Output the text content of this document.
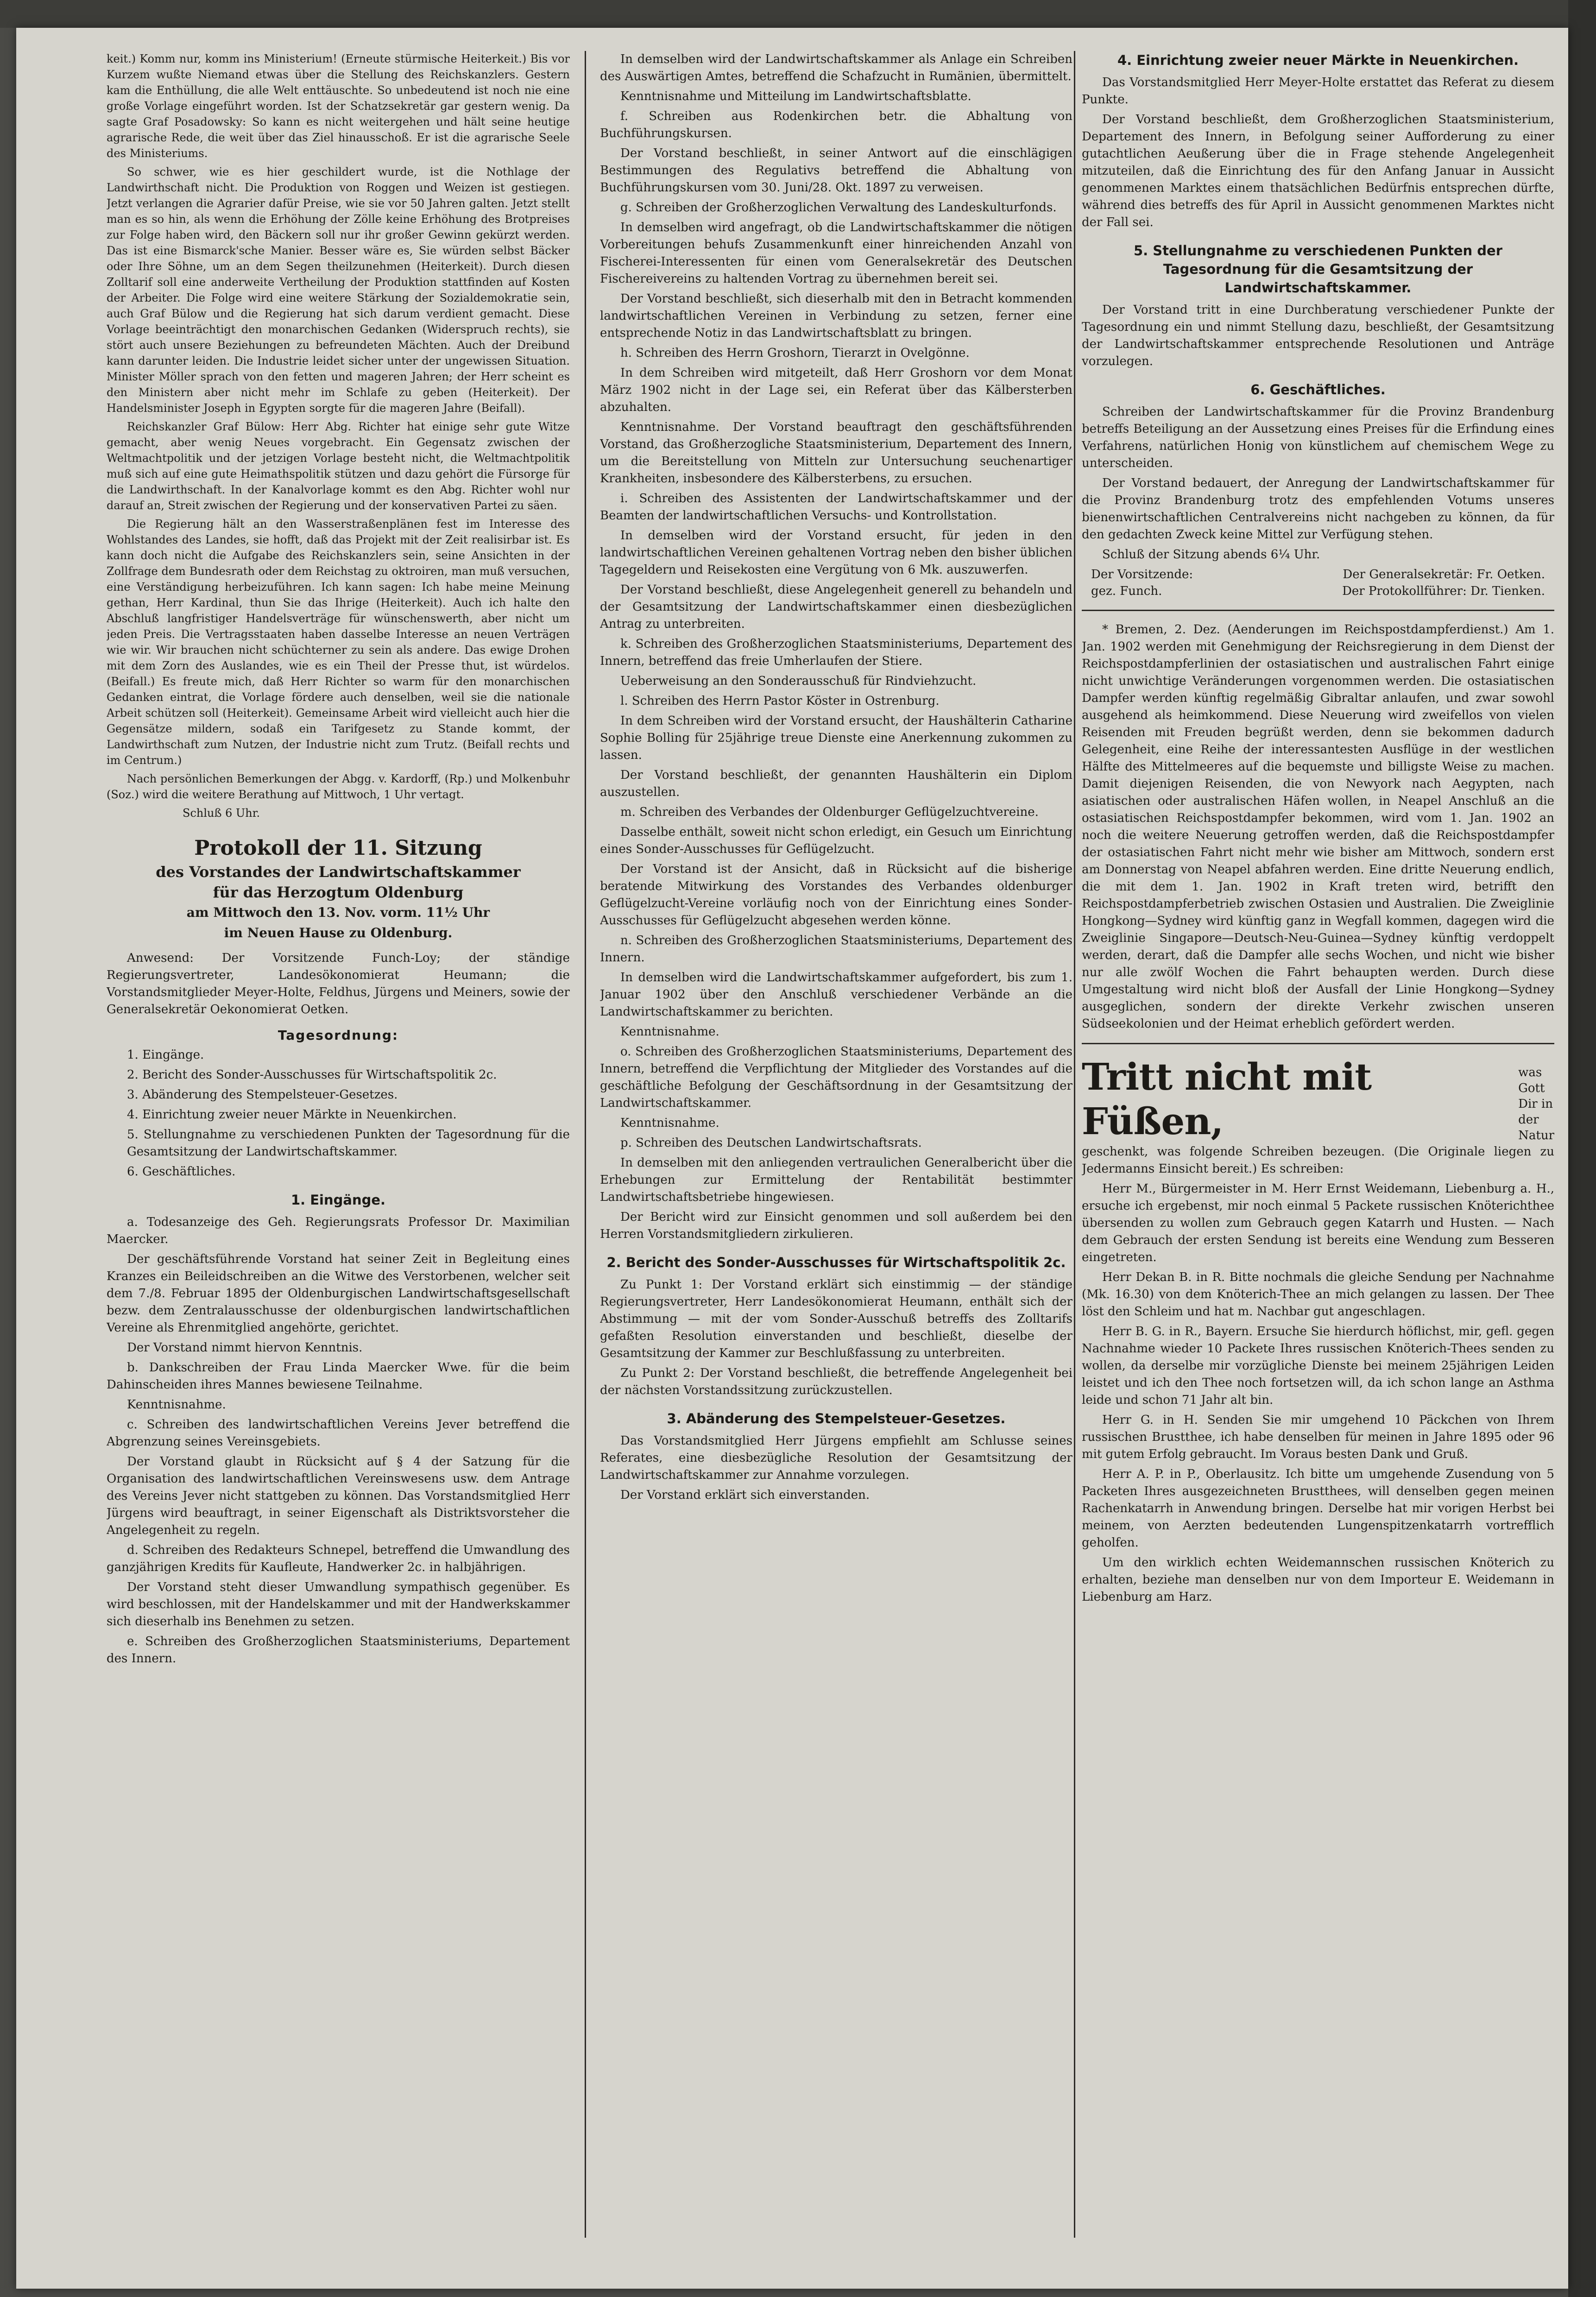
keit.) Komm nur, komm ins Ministerium! (Erneute stürmische Heiterkeit.) Bis vor Kurzem wußte Niemand etwas über die Stellung des Reichskanzlers. Gestern kam die Enthüllung, die alle Welt enttäuschte. So unbedeutend ist noch nie eine große Vorlage eingeführt worden. Ist der Schatzsekretär gar gestern wenig. Da sagte Graf Posadowsky: So kann es nicht weitergehen und hält seine heutige agrarische Rede, die weit über das Ziel hinausschoß. Er ist die agrarische Seele des Ministeriums.

So schwer, wie es hier geschildert wurde, ist die Nothlage der Landwirthschaft nicht. Die Produktion von Roggen und Weizen ist gestiegen. Jetzt verlangen die Agrarier dafür Preise, wie sie vor 50 Jahren galten. Jetzt stellt man es so hin, als wenn die Erhöhung der Zölle keine Erhöhung des Brotpreises zur Folge haben wird, den Bäckern soll nur ihr großer Gewinn gekürzt werden. Das ist eine Bismarck'sche Manier. Besser wäre es, Sie würden selbst Bäcker oder Ihre Söhne, um an dem Segen theilzunehmen (Heiterkeit). Durch diesen Zolltarif soll eine anderweite Vertheilung der Produktion stattfinden auf Kosten der Arbeiter. Die Folge wird eine weitere Stärkung der Sozialdemokratie sein, auch Graf Bülow und die Regierung hat sich darum verdient gemacht. Diese Vorlage beeinträchtigt den monarchischen Gedanken (Widerspruch rechts), sie stört auch unsere Beziehungen zu befreundeten Mächten. Auch der Dreibund kann darunter leiden. Die Industrie leidet sicher unter der ungewissen Situation. Minister Möller sprach von den fetten und mageren Jahren; der Herr scheint es den Ministern aber nicht mehr im Schlafe zu geben (Heiterkeit). Der Handelsminister Joseph in Egypten sorgte für die mageren Jahre (Beifall).

Reichskanzler Graf Bülow: Herr Abg. Richter hat einige sehr gute Witze gemacht, aber wenig Neues vorgebracht. Ein Gegensatz zwischen der Weltmachtpolitik und der jetzigen Vorlage besteht nicht, die Weltmachtpolitik muß sich auf eine gute Heimathspolitik stützen und dazu gehört die Fürsorge für die Landwirthschaft. In der Kanalvorlage kommt es den Abg. Richter wohl nur darauf an, Streit zwischen der Regierung und der konservativen Partei zu säen.

Die Regierung hält an den Wasserstraßenplänen fest im Interesse des Wohlstandes des Landes, sie hofft, daß das Projekt mit der Zeit realisirbar ist. Es kann doch nicht die Aufgabe des Reichskanzlers sein, seine Ansichten in der Zollfrage dem Bundesrath oder dem Reichstag zu oktroiren, man muß versuchen, eine Verständigung herbeizuführen. Ich kann sagen: Ich habe meine Meinung gethan, Herr Kardinal, thun Sie das Ihrige (Heiterkeit). Auch ich halte den Abschluß langfristiger Handelsverträge für wünschenswerth, aber nicht um jeden Preis. Die Vertragsstaaten haben dasselbe Interesse an neuen Verträgen wie wir. Wir brauchen nicht schüchterner zu sein als andere. Das ewige Drohen mit dem Zorn des Auslandes, wie es ein Theil der Presse thut, ist würdelos. (Beifall.) Es freute mich, daß Herr Richter so warm für den monarchischen Gedanken eintrat, die Vorlage fördere auch denselben, weil sie die nationale Arbeit schützen soll (Heiterkeit). Gemeinsame Arbeit wird vielleicht auch hier die Gegensätze mildern, sodaß ein Tarifgesetz zu Stande kommt, der Landwirthschaft zum Nutzen, der Industrie nicht zum Trutz. (Beifall rechts und im Centrum.)

Nach persönlichen Bemerkungen der Abgg. v. Kardorff, (Rp.) und Molkenbuhr (Soz.) wird die weitere Berathung auf Mittwoch, 1 Uhr vertagt.

Schluß 6 Uhr.

Protokoll der 11. Sitzung
des Vorstandes der Landwirtschaftskammer
für das Herzogtum Oldenburg
am Mittwoch den 13. Nov. vorm. 11½ Uhr
im Neuen Hause zu Oldenburg.

Anwesend: Der Vorsitzende Funch-Loy; der ständige Regierungsvertreter, Landesökonomierat Heumann; die Vorstandsmitglieder Meyer-Holte, Feldhus, Jürgens und Meiners, sowie der Generalsekretär Oekonomierat Oetken.

Tagesordnung:

1. Eingänge.

2. Bericht des Sonder-Ausschusses für Wirtschaftspolitik 2c.

3. Abänderung des Stempelsteuer-Gesetzes.

4. Einrichtung zweier neuer Märkte in Neuenkirchen.

5. Stellungnahme zu verschiedenen Punkten der Tagesordnung für die Gesamtsitzung der Landwirtschaftskammer.

6. Geschäftliches.

1. Eingänge.

a. Todesanzeige des Geh. Regierungsrats Professor Dr. Maximilian Maercker.

Der geschäftsführende Vorstand hat seiner Zeit in Begleitung eines Kranzes ein Beileidschreiben an die Witwe des Verstorbenen, welcher seit dem 7./8. Februar 1895 der Oldenburgischen Landwirtschaftsgesellschaft bezw. dem Zentralausschusse der oldenburgischen landwirtschaftlichen Vereine als Ehrenmitglied angehörte, gerichtet.

Der Vorstand nimmt hiervon Kenntnis.

b. Dankschreiben der Frau Linda Maercker Wwe. für die beim Dahinscheiden ihres Mannes bewiesene Teilnahme.

Kenntnisnahme.

c. Schreiben des landwirtschaftlichen Vereins Jever betreffend die Abgrenzung seines Vereinsgebiets.

Der Vorstand glaubt in Rücksicht auf § 4 der Satzung für die Organisation des landwirtschaftlichen Vereinswesens usw. dem Antrage des Vereins Jever nicht stattgeben zu können. Das Vorstandsmitglied Herr Jürgens wird beauftragt, in seiner Eigenschaft als Distriktsvorsteher die Angelegenheit zu regeln.

d. Schreiben des Redakteurs Schnepel, betreffend die Umwandlung des ganzjährigen Kredits für Kaufleute, Handwerker 2c. in halbjährigen.

Der Vorstand steht dieser Umwandlung sympathisch gegenüber. Es wird beschlossen, mit der Handelskammer und mit der Handwerkskammer sich dieserhalb ins Benehmen zu setzen.

e. Schreiben des Großherzoglichen Staatsministeriums, Departement des Innern.

In demselben wird der Landwirtschaftskammer als Anlage ein Schreiben des Auswärtigen Amtes, betreffend die Schafzucht in Rumänien, übermittelt.

Kenntnisnahme und Mitteilung im Landwirtschaftsblatte.

f. Schreiben aus Rodenkirchen betr. die Abhaltung von Buchführungskursen.

Der Vorstand beschließt, in seiner Antwort auf die einschlägigen Bestimmungen des Regulativs betreffend die Abhaltung von Buchführungskursen vom 30. Juni/28. Okt. 1897 zu verweisen.

g. Schreiben der Großherzoglichen Verwaltung des Landeskulturfonds.

In demselben wird angefragt, ob die Landwirtschaftskammer die nötigen Vorbereitungen behufs Zusammenkunft einer hinreichenden Anzahl von Fischerei-Interessenten für einen vom Generalsekretär des Deutschen Fischereivereins zu haltenden Vortrag zu übernehmen bereit sei.

Der Vorstand beschließt, sich dieserhalb mit den in Betracht kommenden landwirtschaftlichen Vereinen in Verbindung zu setzen, ferner eine entsprechende Notiz in das Landwirtschaftsblatt zu bringen.

h. Schreiben des Herrn Groshorn, Tierarzt in Ovelgönne.

In dem Schreiben wird mitgeteilt, daß Herr Groshorn vor dem Monat März 1902 nicht in der Lage sei, ein Referat über das Kälbersterben abzuhalten.

Kenntnisnahme. Der Vorstand beauftragt den geschäftsführenden Vorstand, das Großherzogliche Staatsministerium, Departement des Innern, um die Bereitstellung von Mitteln zur Untersuchung seuchenartiger Krankheiten, insbesondere des Kälbersterbens, zu ersuchen.

i. Schreiben des Assistenten der Landwirtschaftskammer und der Beamten der landwirtschaftlichen Versuchs- und Kontrollstation.

In demselben wird der Vorstand ersucht, für jeden in den landwirtschaftlichen Vereinen gehaltenen Vortrag neben den bisher üblichen Tagegeldern und Reisekosten eine Vergütung von 6 Mk. auszuwerfen.

Der Vorstand beschließt, diese Angelegenheit generell zu behandeln und der Gesamtsitzung der Landwirtschaftskammer einen diesbezüglichen Antrag zu unterbreiten.

k. Schreiben des Großherzoglichen Staatsministeriums, Departement des Innern, betreffend das freie Umherlaufen der Stiere.

Ueberweisung an den Sonderausschuß für Rindviehzucht.

l. Schreiben des Herrn Pastor Köster in Ostrenburg.

In dem Schreiben wird der Vorstand ersucht, der Haushälterin Catharine Sophie Bolling für 25jährige treue Dienste eine Anerkennung zukommen zu lassen.

Der Vorstand beschließt, der genannten Haushälterin ein Diplom auszustellen.

m. Schreiben des Verbandes der Oldenburger Geflügelzuchtvereine.

Dasselbe enthält, soweit nicht schon erledigt, ein Gesuch um Einrichtung eines Sonder-Ausschusses für Geflügelzucht.

Der Vorstand ist der Ansicht, daß in Rücksicht auf die bisherige beratende Mitwirkung des Vorstandes des Verbandes oldenburger Geflügelzucht-Vereine vorläufig noch von der Einrichtung eines Sonder-Ausschusses für Geflügelzucht abgesehen werden könne.

n. Schreiben des Großherzoglichen Staatsministeriums, Departement des Innern.

In demselben wird die Landwirtschaftskammer aufgefordert, bis zum 1. Januar 1902 über den Anschluß verschiedener Verbände an die Landwirtschaftskammer zu berichten.

Kenntnisnahme.

o. Schreiben des Großherzoglichen Staatsministeriums, Departement des Innern, betreffend die Verpflichtung der Mitglieder des Vorstandes auf die geschäftliche Befolgung der Geschäftsordnung in der Gesamtsitzung der Landwirtschaftskammer.

Kenntnisnahme.

p. Schreiben des Deutschen Landwirtschaftsrats.

In demselben mit den anliegenden vertraulichen Generalbericht über die Erhebungen zur Ermittelung der Rentabilität bestimmter Landwirtschaftsbetriebe hingewiesen.

Der Bericht wird zur Einsicht genommen und soll außerdem bei den Herren Vorstandsmitgliedern zirkulieren.

2. Bericht des Sonder-Ausschusses für Wirtschaftspolitik 2c.

Zu Punkt 1: Der Vorstand erklärt sich einstimmig — der ständige Regierungsvertreter, Herr Landesökonomierat Heumann, enthält sich der Abstimmung — mit der vom Sonder-Ausschuß betreffs des Zolltarifs gefaßten Resolution einverstanden und beschließt, dieselbe der Gesamtsitzung der Kammer zur Beschlußfassung zu unterbreiten.

Zu Punkt 2: Der Vorstand beschließt, die betreffende Angelegenheit bei der nächsten Vorstandssitzung zurückzustellen.

3. Abänderung des Stempelsteuer-Gesetzes.

Das Vorstandsmitglied Herr Jürgens empfiehlt am Schlusse seines Referates, eine diesbezügliche Resolution der Gesamtsitzung der Landwirtschaftskammer zur Annahme vorzulegen.

Der Vorstand erklärt sich einverstanden.

4. Einrichtung zweier neuer Märkte in Neuenkirchen.

Das Vorstandsmitglied Herr Meyer-Holte erstattet das Referat zu diesem Punkte.

Der Vorstand beschließt, dem Großherzoglichen Staatsministerium, Departement des Innern, in Befolgung seiner Aufforderung zu einer gutachtlichen Aeußerung über die in Frage stehende Angelegenheit mitzuteilen, daß die Einrichtung des für den Anfang Januar in Aussicht genommenen Marktes einem thatsächlichen Bedürfnis entsprechen dürfte, während dies betreffs des für April in Aussicht genommenen Marktes nicht der Fall sei.

5. Stellungnahme zu verschiedenen Punkten der Tagesordnung für die Gesamtsitzung der Landwirtschaftskammer.

Der Vorstand tritt in eine Durchberatung verschiedener Punkte der Tagesordnung ein und nimmt Stellung dazu, beschließt, der Gesamtsitzung der Landwirtschaftskammer entsprechende Resolutionen und Anträge vorzulegen.

6. Geschäftliches.

Schreiben der Landwirtschaftskammer für die Provinz Brandenburg betreffs Beteiligung an der Aussetzung eines Preises für die Erfindung eines Verfahrens, natürlichen Honig von künstlichem auf chemischem Wege zu unterscheiden.

Der Vorstand bedauert, der Anregung der Landwirtschaftskammer für die Provinz Brandenburg trotz des empfehlenden Votums unseres bienenwirtschaftlichen Centralvereins nicht nachgeben zu können, da für den gedachten Zweck keine Mittel zur Verfügung stehen.

Schluß der Sitzung abends 6¼ Uhr.

Der Vorsitzende:	Der Generalsekretär: Fr. Oetken.
gez. Funch.	Der Protokollführer: Dr. Tienken.

* Bremen, 2. Dez. (Aenderungen im Reichspostdampferdienst.) Am 1. Jan. 1902 werden mit Genehmigung der Reichsregierung in dem Dienst der Reichspostdampferlinien der ostasiatischen und australischen Fahrt einige nicht unwichtige Veränderungen vorgenommen werden. Die ostasiatischen Dampfer werden künftig regelmäßig Gibraltar anlaufen, und zwar sowohl ausgehend als heimkommend. Diese Neuerung wird zweifellos von vielen Reisenden mit Freuden begrüßt werden, denn sie bekommen dadurch Gelegenheit, eine Reihe der interessantesten Ausflüge in der westlichen Hälfte des Mittelmeeres auf die bequemste und billigste Weise zu machen. Damit diejenigen Reisenden, die von Newyork nach Aegypten, nach asiatischen oder australischen Häfen wollen, in Neapel Anschluß an die ostasiatischen Reichspostdampfer bekommen, wird vom 1. Jan. 1902 an noch die weitere Neuerung getroffen werden, daß die Reichspostdampfer der ostasiatischen Fahrt nicht mehr wie bisher am Mittwoch, sondern erst am Donnerstag von Neapel abfahren werden. Eine dritte Neuerung endlich, die mit dem 1. Jan. 1902 in Kraft treten wird, betrifft den Reichspostdampferbetrieb zwischen Ostasien und Australien. Die Zweiglinie Hongkong—Sydney wird künftig ganz in Wegfall kommen, dagegen wird die Zweiglinie Singapore—Deutsch-Neu-Guinea—Sydney künftig verdoppelt werden, derart, daß die Dampfer alle sechs Wochen, und nicht wie bisher nur alle zwölf Wochen die Fahrt behaupten werden. Durch diese Umgestaltung wird nicht bloß der Ausfall der Linie Hongkong—Sydney ausgeglichen, sondern der direkte Verkehr zwischen unseren Südseekolonien und der Heimat erheblich gefördert werden.

Tritt nicht mit Füßen,
was Gott
Dir in der Natur

geschenkt, was folgende Schreiben bezeugen. (Die Originale liegen zu Jedermanns Einsicht bereit.) Es schreiben:

Herr M., Bürgermeister in M. Herr Ernst Weidemann, Liebenburg a. H., ersuche ich ergebenst, mir noch einmal 5 Packete russischen Knöterichthee übersenden zu wollen zum Gebrauch gegen Katarrh und Husten. — Nach dem Gebrauch der ersten Sendung ist bereits eine Wendung zum Besseren eingetreten.

Herr Dekan B. in R. Bitte nochmals die gleiche Sendung per Nachnahme (Mk. 16.30) von dem Knöterich-Thee an mich gelangen zu lassen. Der Thee löst den Schleim und hat m. Nachbar gut angeschlagen.

Herr B. G. in R., Bayern. Ersuche Sie hierdurch höflichst, mir, gefl. gegen Nachnahme wieder 10 Packete Ihres russischen Knöterich-Thees senden zu wollen, da derselbe mir vorzügliche Dienste bei meinem 25jährigen Leiden leistet und ich den Thee noch fortsetzen will, da ich schon lange an Asthma leide und schon 71 Jahr alt bin.

Herr G. in H. Senden Sie mir umgehend 10 Päckchen von Ihrem russischen Brustthee, ich habe denselben für meinen in Jahre 1895 oder 96 mit gutem Erfolg gebraucht. Im Voraus besten Dank und Gruß.

Herr A. P. in P., Oberlausitz. Ich bitte um umgehende Zusendung von 5 Packeten Ihres ausgezeichneten Brustthees, will denselben gegen meinen Rachenkatarrh in Anwendung bringen. Derselbe hat mir vorigen Herbst bei meinem, von Aerzten bedeutenden Lungenspitzenkatarrh vortrefflich geholfen.

Um den wirklich echten Weidemannschen russischen Knöterich zu erhalten, beziehe man denselben nur von dem Importeur E. Weidemann in Liebenburg am Harz.
